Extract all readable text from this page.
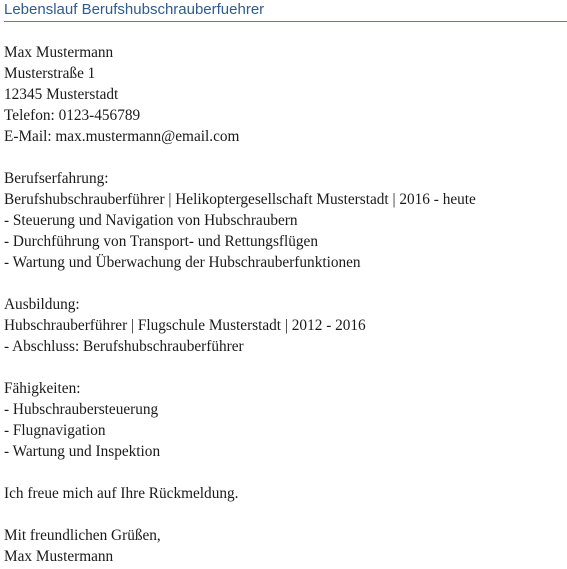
Lebenslauf Berufshubschrauberfuehrer
Max Mustermann
Musterstraße 1
12345 Musterstadt
Telefon: 0123-456789
E-Mail: max.mustermann@email.com
Berufserfahrung:
Berufshubschrauberführer | Helikoptergesellschaft Musterstadt | 2016 - heute
- Steuerung und Navigation von Hubschraubern
- Durchführung von Transport- und Rettungsflügen
- Wartung und Überwachung der Hubschrauberfunktionen
Ausbildung:
Hubschrauberführer | Flugschule Musterstadt | 2012 - 2016
- Abschluss: Berufshubschrauberführer
Fähigkeiten:
- Hubschraubersteuerung
- Flugnavigation
- Wartung und Inspektion
Ich freue mich auf Ihre Rückmeldung.
Mit freundlichen Grüßen,
Max Mustermann
